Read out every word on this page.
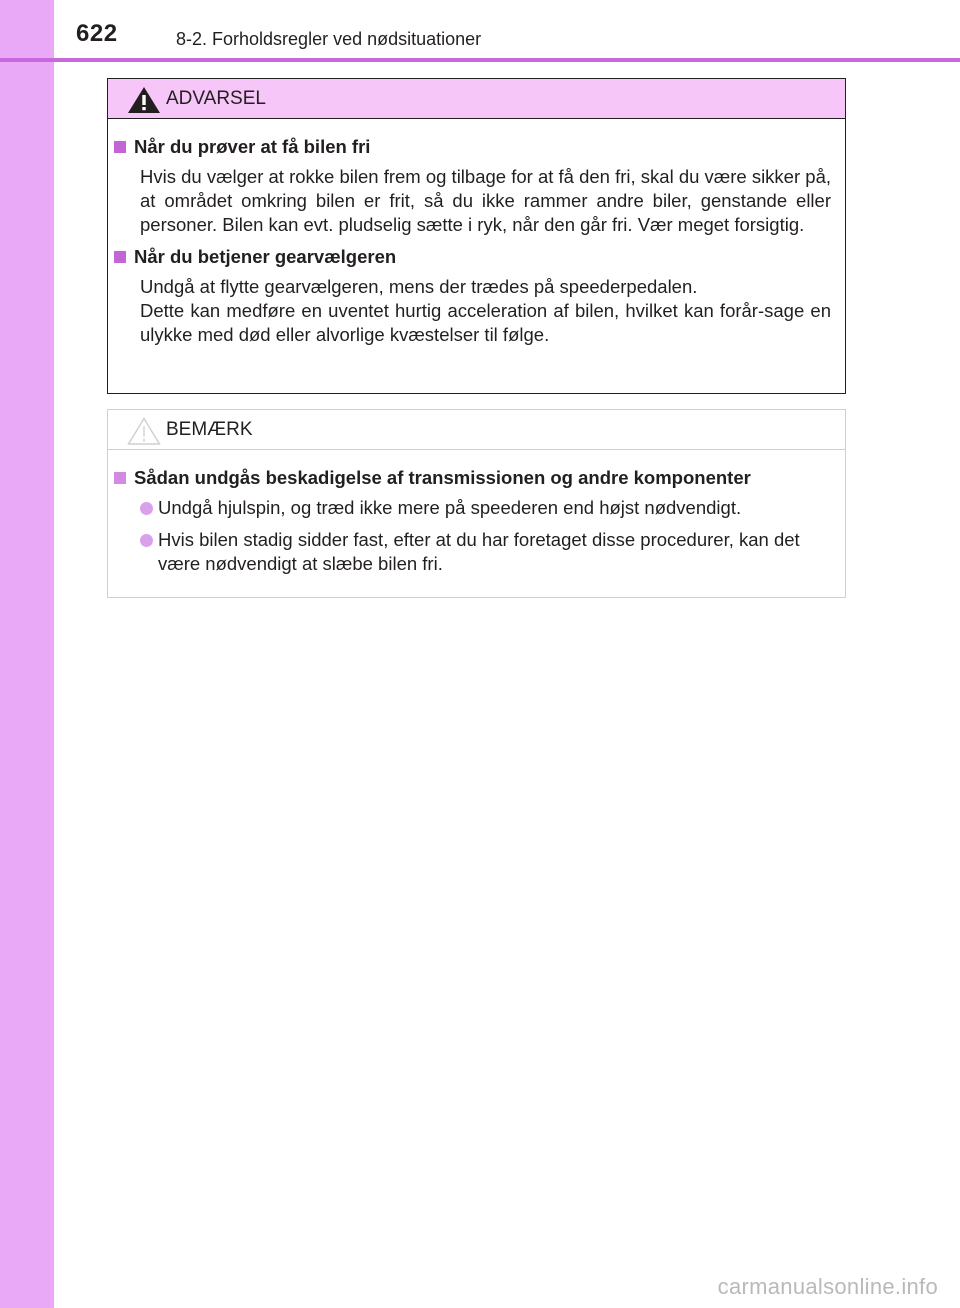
622	8-2. Forholdsregler ved nødsituationer
ADVARSEL
Når du prøver at få bilen fri
Hvis du vælger at rokke bilen frem og tilbage for at få den fri, skal du være sikker på, at området omkring bilen er frit, så du ikke rammer andre biler, genstande eller personer. Bilen kan evt. pludselig sætte i ryk, når den går fri. Vær meget forsigtig.
Når du betjener gearvælgeren
Undgå at flytte gearvælgeren, mens der trædes på speederpedalen.
Dette kan medføre en uventet hurtig acceleration af bilen, hvilket kan forår-sage en ulykke med død eller alvorlige kvæstelser til følge.
BEMÆRK
Sådan undgås beskadigelse af transmissionen og andre komponenter
Undgå hjulspin, og træd ikke mere på speederen end højst nødvendigt.
Hvis bilen stadig sidder fast, efter at du har foretaget disse procedurer, kan det være nødvendigt at slæbe bilen fri.
carmanualsonline.info
